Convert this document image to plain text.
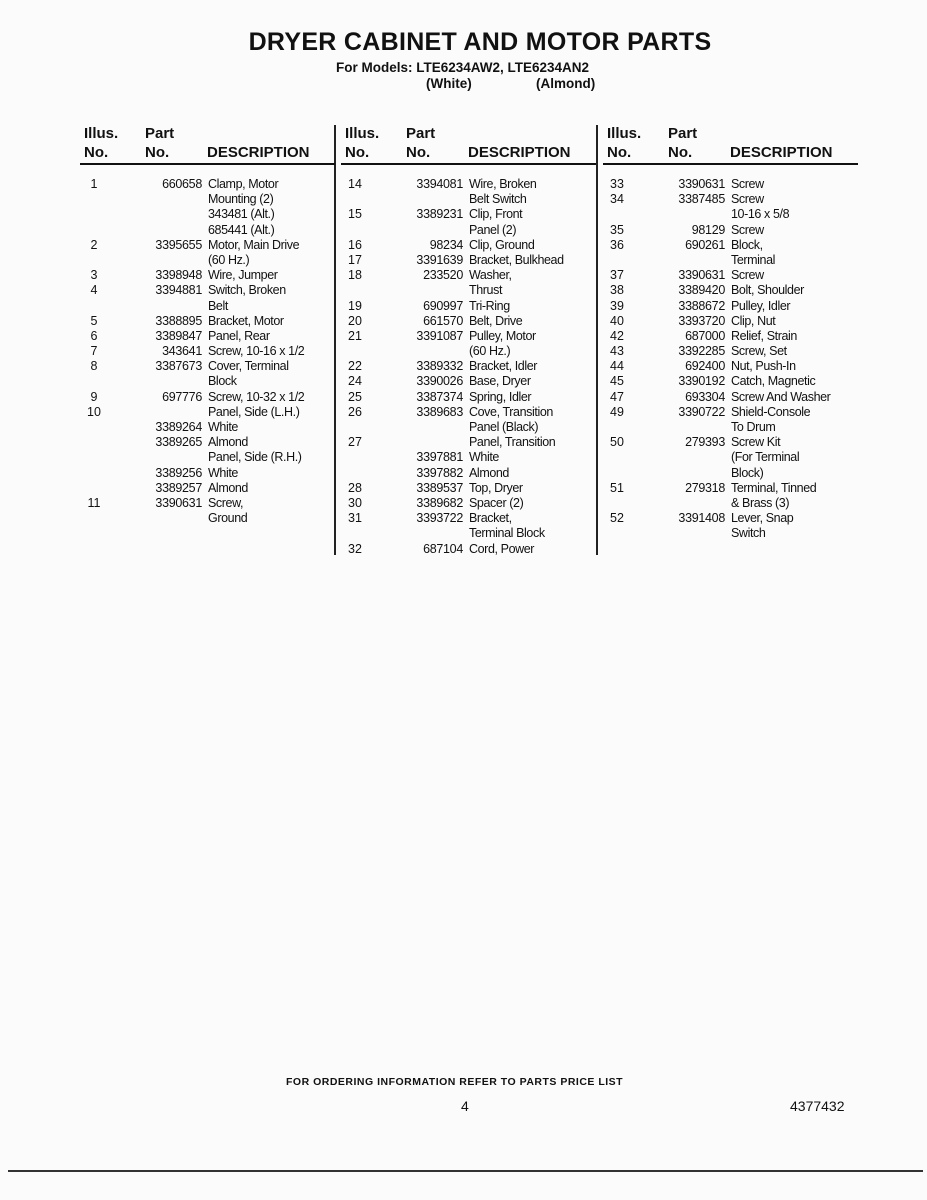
DRYER CABINET AND MOTOR PARTS
For Models: LTE6234AW2, LTE6234AN2
(White)	(Almond)
Illus.
No.
Part
No.	DESCRIPTION
1	660658 Clamp, Motor
Mounting (2)
343481 (Alt.)
685441 (Alt.)
2	3395655 Motor, Main Drive
(60 Hz.)
3	3398948 Wire, Jumper
4	3394881 Switch, Broken
Belt
5	3388895 Bracket, Motor
6	3389847 Panel, Rear
7	343641 Screw, 10-16 x 1/2
8	3387673 Cover, Terminal
Block
9	697776 Screw, 10-32 x 1/2
10	Panel, Side (L.H.)
3389264 White
3389265 Almond
Panel, Side (R.H.)
3389256 White
3389257 Almond
11	3390631 Screw,
Ground
Illus.
No.
Part
No.	DESCRIPTION
14	3394081 Wire, Broken
Belt Switch
15	3389231 Clip, Front
Panel (2)
16	98234 Clip, Ground
17	3391639 Bracket, Bulkhead
18	233520 Washer,
Thrust
19	690997 Tri-Ring
20	661570 Belt, Drive
21	3391087 Pulley, Motor
(60 Hz.)
22	3389332 Bracket, Idler
24	3390026 Base, Dryer
25	3387374 Spring, Idler
26	3389683 Cove, Transition
Panel (Black)
27	Panel, Transition
3397881 White
3397882 Almond
28	3389537 Top, Dryer
30	3389682 Spacer (2)
31	3393722 Bracket,
Terminal Block
32	687104 Cord, Power
Illus.
No.
Part
No.	DESCRIPTION
33	3390631 Screw
34	3387485 Screw
10-16 x 5/8
35	98129 Screw
36	690261 Block,
Terminal
37	3390631 Screw
38	3389420 Bolt, Shoulder
39	3388672 Pulley, Idler
40	3393720 Clip, Nut
42	687000 Relief, Strain
43	3392285 Screw, Set
44	692400 Nut, Push-In
45	3390192 Catch, Magnetic
47	693304 Screw And Washer
49	3390722 Shield-Console
To Drum
50	279393 Screw Kit
(For Terminal
Block)
51	279318 Terminal, Tinned
& Brass (3)
52	3391408 Lever, Snap
Switch
FOR ORDERING INFORMATION REFER TO PARTS PRICE LIST
4	4377432
